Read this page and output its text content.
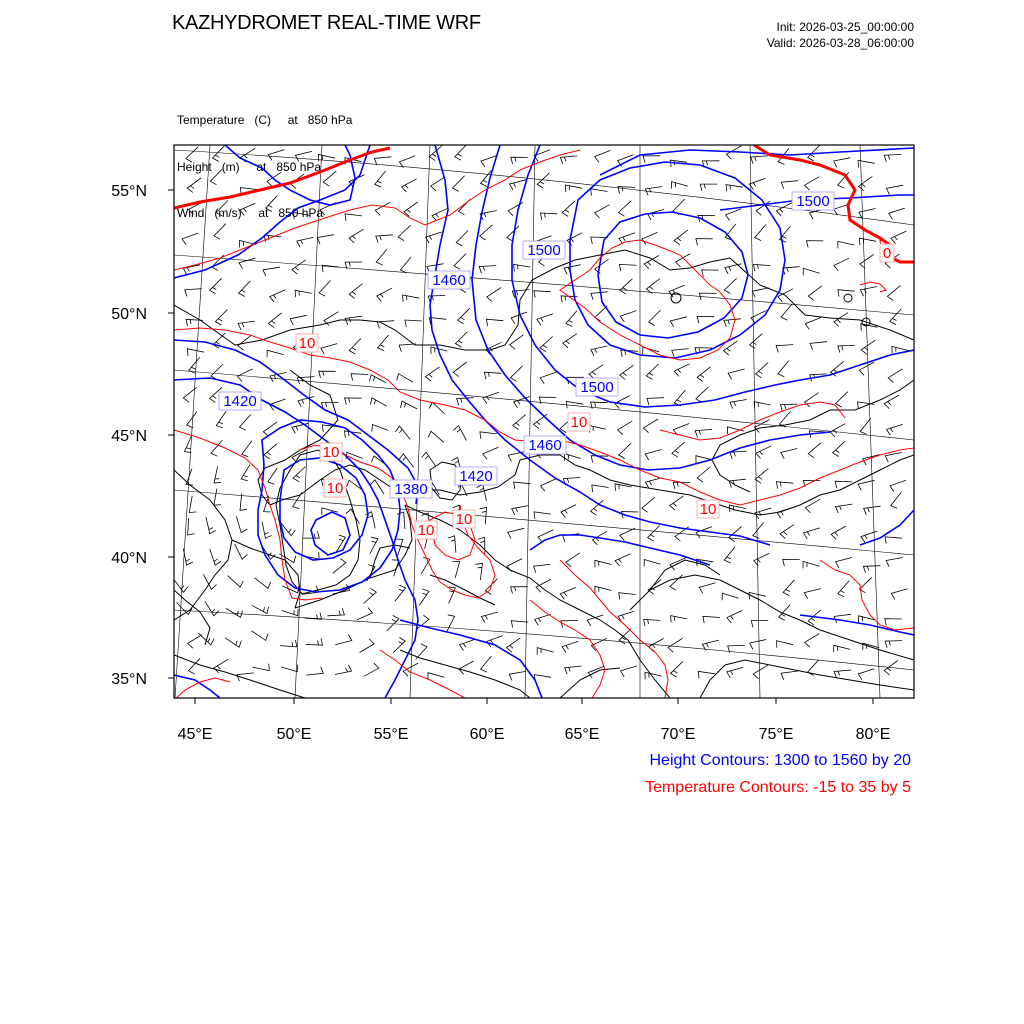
KAZHYDROMET REAL-TIME WRF	Init: 2026-03-25_00:00:00
Valid: 2026-03-28_06:00:00

Temperature   (C)     at   850 hPa

Height   (m)     at   850 hPa

Wind   (m/s)     at   850 hPa

1500
1500
1460
1500
1420
1460
1420
1380
10
10
10
10
10
10
10
0
55°N
50°N
45°N
40°N
35°N
45°E	50°E	55°E	60°E	65°E	70°E	75°E	80°E
Height Contours: 1300 to 1560 by 20
Temperature Contours: -15 to 35 by 5
